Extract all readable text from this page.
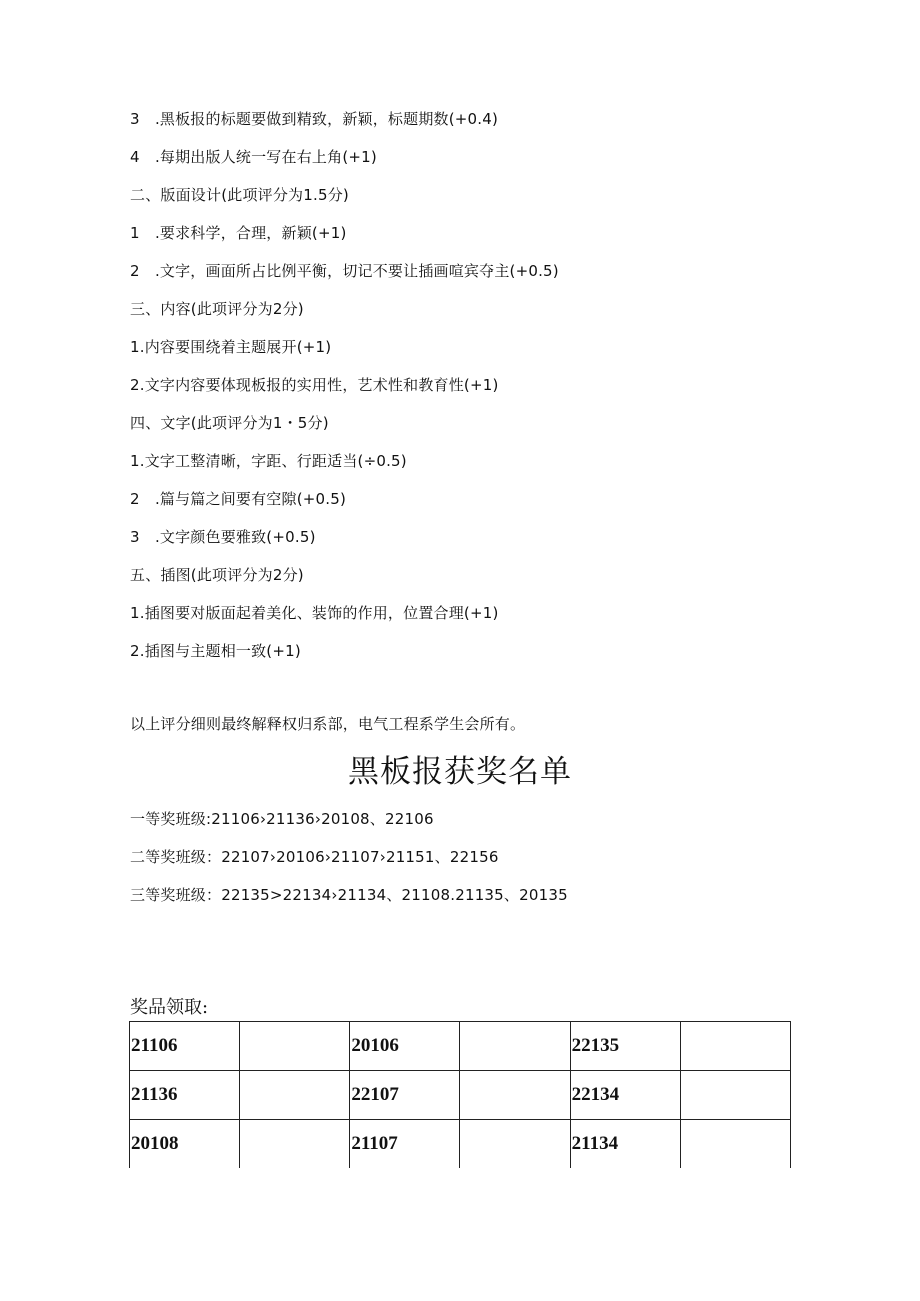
3　.黑板报的标题要做到精致，新颖，标题期数(+0.4)
4　.每期出版人统一写在右上角(+1)
二、版面设计(此项评分为1.5分)
1　.要求科学，合理，新颖(+1)
2　.文字，画面所占比例平衡，切记不要让插画喧宾夺主(+0.5)
三、内容(此项评分为2分)
1.内容要围绕着主题展开(+1)
2.文字内容要体现板报的实用性，艺术性和教育性(+1)
四、文字(此项评分为1・5分)
1.文字工整清晰，字距、行距适当(÷0.5)
2　.篇与篇之间要有空隙(+0.5)
3　.文字颜色要雅致(+0.5)
五、插图(此项评分为2分)
1.插图要对版面起着美化、装饰的作用，位置合理(+1)
2.插图与主题相一致(+1)
以上评分细则最终解释权归系部，电气工程系学生会所有。
黑板报获奖名单
一等奖班级:21106›21136›20108、22106
二等奖班级：22107›20106›21107›21151、22156
三等奖班级：22135>22134›21134、21108.21135、20135
奖品领取:
21106		20106		22135	
21136		22107		22134	
20108		21107		21134	
